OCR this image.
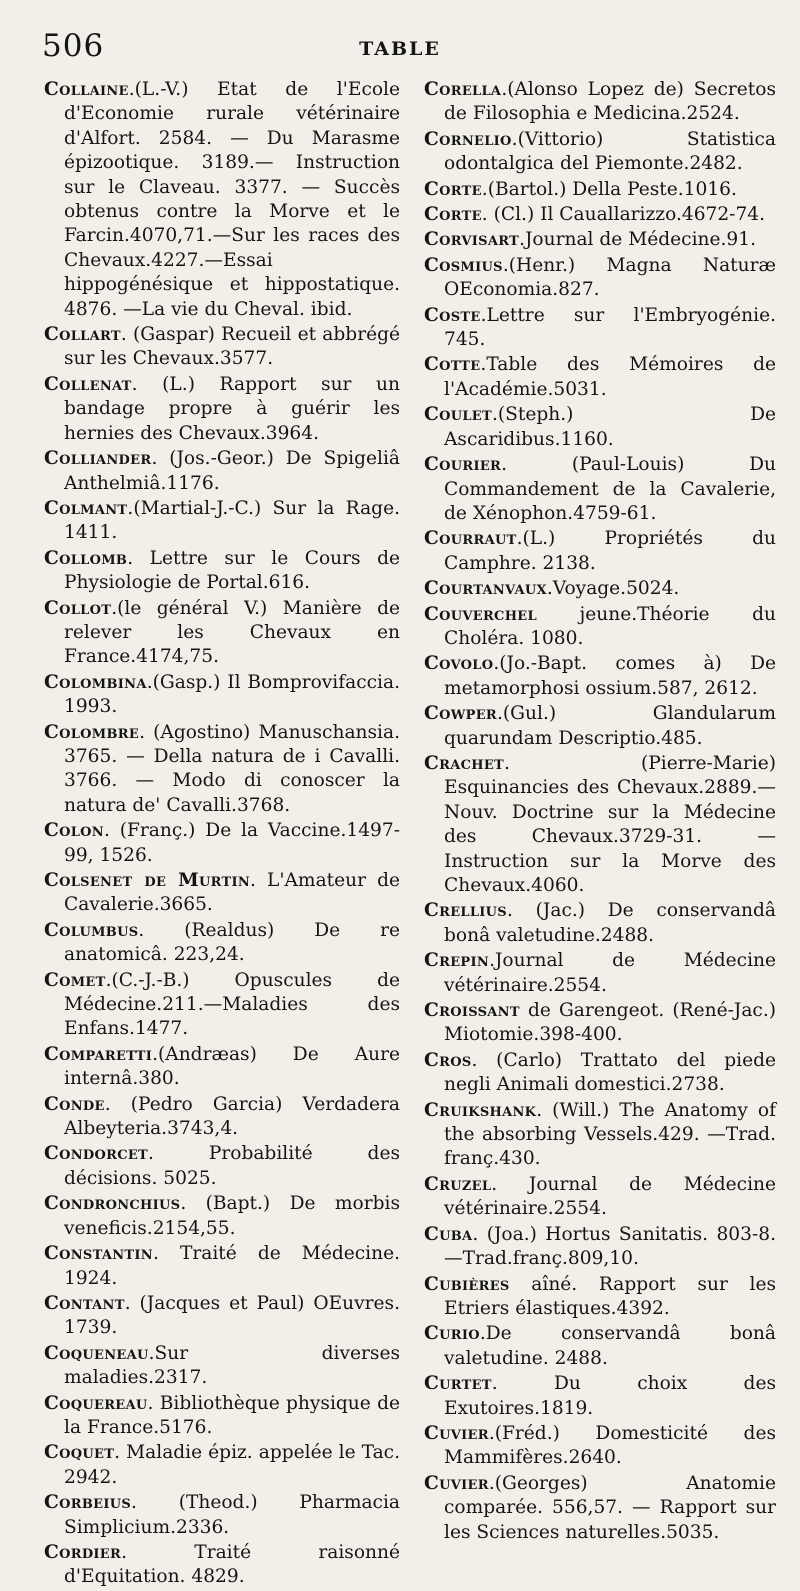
506	TABLE

Collaine.(L.-V.) Etat de l'Ecole d'Economie rurale vétérinaire d'Alfort. 2584. — Du Marasme épizootique. 3189.— Instruction sur le Claveau. 3377. — Succès obtenus contre la Morve et le Farcin.4070,71.—Sur les races des Chevaux.4227.—Essai hippogénésique et hippostatique. 4876. —La vie du Cheval. ibid.

Collart. (Gaspar) Recueil et abbrégé sur les Chevaux.3577.

Collenat. (L.) Rapport sur un bandage propre à guérir les hernies des Chevaux.3964.

Colliander. (Jos.-Geor.) De Spigeliâ Anthelmiâ.1176.

Colmant.(Martial-J.-C.) Sur la Rage. 1411.

Collomb. Lettre sur le Cours de Physiologie de Portal.616.

Collot.(le général V.) Manière de relever les Chevaux en France.4174,75.

Colombina.(Gasp.) Il Bomprovifaccia. 1993.

Colombre. (Agostino) Manuschansia. 3765. — Della natura de i Cavalli. 3766. — Modo di conoscer la natura de' Cavalli.3768.

Colon. (Franç.) De la Vaccine.1497-99, 1526.

Colsenet de Murtin. L'Amateur de Cavalerie.3665.

Columbus. (Realdus) De re anatomicâ. 223,24.

Comet.(C.-J.-B.) Opuscules de Médecine.211.—Maladies des Enfans.1477.

Comparetti.(Andræas) De Aure internâ.380.

Conde. (Pedro Garcia) Verdadera Albeyteria.3743,4.

Condorcet. Probabilité des décisions. 5025.

Condronchius. (Bapt.) De morbis veneficis.2154,55.

Constantin. Traité de Médecine. 1924.

Contant. (Jacques et Paul) OEuvres. 1739.

Coqueneau.Sur diverses maladies.2317.

Coquereau. Bibliothèque physique de la France.5176.

Coquet. Maladie épiz. appelée le Tac. 2942.

Corbeius. (Theod.) Pharmacia Simplicium.2336.

Cordier. Traité raisonné d'Equitation. 4829.

Corella.(Alonso Lopez de) Secretos de Filosophia e Medicina.2524.

Cornelio.(Vittorio) Statistica odontalgica del Piemonte.2482.

Corte.(Bartol.) Della Peste.1016.

Corte. (Cl.) Il Cauallarizzo.4672-74.

Corvisart.Journal de Médecine.91.

Cosmius.(Henr.) Magna Naturæ OEconomia.827.

Coste.Lettre sur l'Embryogénie. 745.

Cotte.Table des Mémoires de l'Académie.5031.

Coulet.(Steph.) De Ascaridibus.1160.

Courier. (Paul-Louis) Du Commandement de la Cavalerie, de Xénophon.4759-61.

Courraut.(L.) Propriétés du Camphre. 2138.

Courtanvaux.Voyage.5024.

Couverchel jeune.Théorie du Choléra. 1080.

Covolo.(Jo.-Bapt. comes à) De metamorphosi ossium.587, 2612.

Cowper.(Gul.) Glandularum quarundam Descriptio.485.

Crachet. (Pierre-Marie) Esquinancies des Chevaux.2889.—Nouv. Doctrine sur la Médecine des Chevaux.3729-31. — Instruction sur la Morve des Chevaux.4060.

Crellius. (Jac.) De conservandâ bonâ valetudine.2488.

Crepin.Journal de Médecine vétérinaire.2554.

Croissant de Garengeot. (René-Jac.) Miotomie.398-400.

Cros. (Carlo) Trattato del piede negli Animali domestici.2738.

Cruikshank. (Will.) The Anatomy of the absorbing Vessels.429. —Trad. franç.430.

Cruzel. Journal de Médecine vétérinaire.2554.

Cuba. (Joa.) Hortus Sanitatis. 803-8. —Trad.franç.809,10.

Cubières aîné. Rapport sur les Etriers élastiques.4392.

Curio.De conservandâ bonâ valetudine. 2488.

Curtet. Du choix des Exutoires.1819.

Cuvier.(Fréd.) Domesticité des Mammifères.2640.

Cuvier.(Georges) Anatomie comparée. 556,57. — Rapport sur les Sciences naturelles.5035.
